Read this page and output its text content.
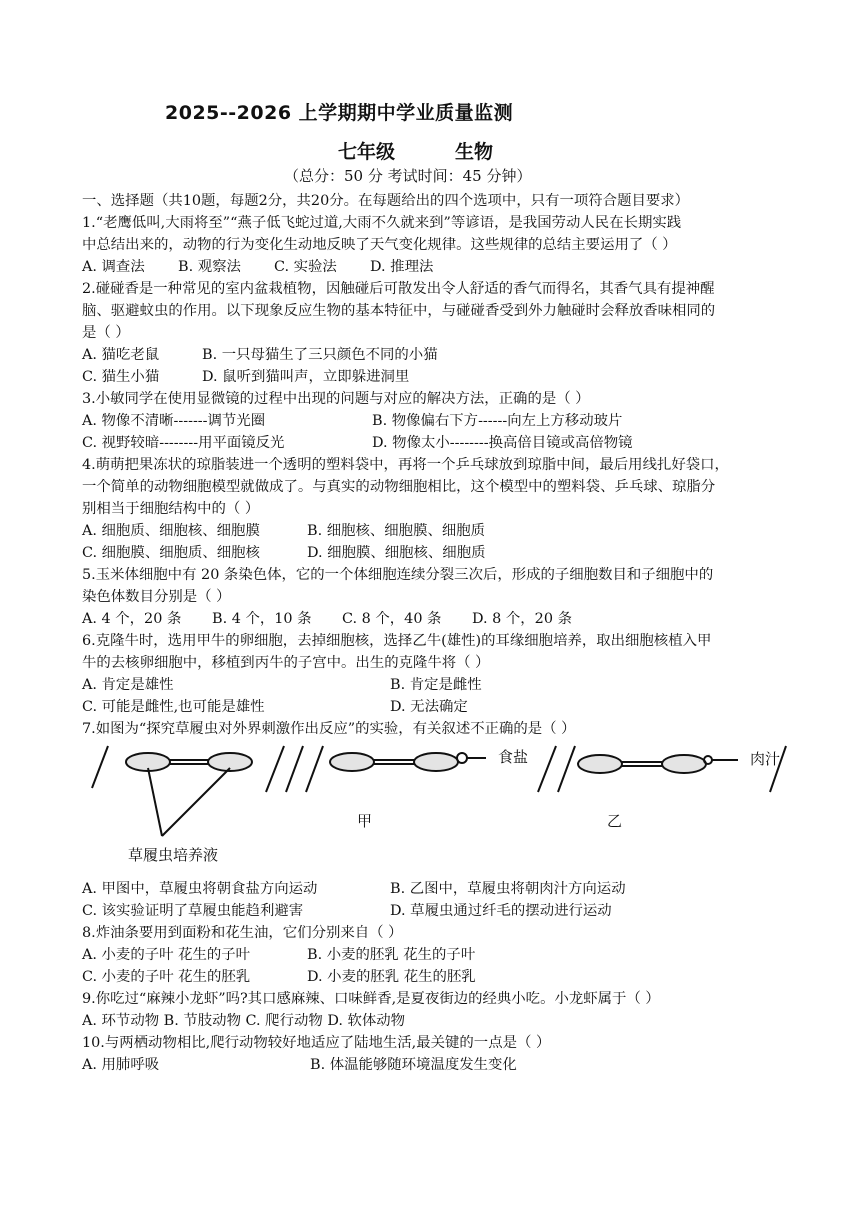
2025--2026 上学期期中学业质量监测
七年级	生物
（总分：50 分 考试时间：45 分钟）
一、选择题（共10题，每题2分，共20分。在每题给出的四个选项中，只有一项符合题目要求）
1.“老鹰低叫,大雨将至”“燕子低飞蛇过道,大雨不久就来到”等谚语，是我国劳动人民在长期实践
中总结出来的，动物的行为变化生动地反映了天气变化规律。这些规律的总结主要运用了（ ）
A. 调查法	B. 观察法	C. 实验法	D. 推理法
2.碰碰香是一种常见的室内盆栽植物，因触碰后可散发出令人舒适的香气而得名，其香气具有提神醒
脑、驱避蚊虫的作用。以下现象反应生物的基本特征中，与碰碰香受到外力触碰时会释放香味相同的
是（ ）
A. 猫吃老鼠	B. 一只母猫生了三只颜色不同的小猫
C. 猫生小猫	D. 鼠听到猫叫声，立即躲进洞里
3.小敏同学在使用显微镜的过程中出现的问题与对应的解决方法，正确的是（ ）
A. 物像不清晰-------调节光圈	B. 物像偏右下方------向左上方移动玻片
C. 视野较暗--------用平面镜反光	D. 物像太小--------换高倍目镜或高倍物镜
4.萌萌把果冻状的琼脂装进一个透明的塑料袋中，再将一个乒乓球放到琼脂中间，最后用线扎好袋口，
一个简单的动物细胞模型就做成了。与真实的动物细胞相比，这个模型中的塑料袋、乒乓球、琼脂分
别相当于细胞结构中的（ ）
A. 细胞质、细胞核、细胞膜	B. 细胞核、细胞膜、细胞质
C. 细胞膜、细胞质、细胞核	D. 细胞膜、细胞核、细胞质
5.玉米体细胞中有 20 条染色体，它的一个体细胞连续分裂三次后，形成的子细胞数目和子细胞中的
染色体数目分别是（ ）
A. 4 个，20 条	B. 4 个，10 条	C. 8 个，40 条	D. 8 个，20 条
6.克隆牛时，选用甲牛的卵细胞，去掉细胞核，选择乙牛(雄性)的耳缘细胞培养，取出细胞核植入甲
牛的去核卵细胞中，移植到丙牛的子宫中。出生的克隆牛将（ ）
A. 肯定是雄性	B. 肯定是雌性
C. 可能是雌性,也可能是雄性	D. 无法确定
7.如图为“探究草履虫对外界刺激作出反应”的实验，有关叙述不正确的是（ ）
食盐	肉汁
甲	乙
草履虫培养液
A. 甲图中，草履虫将朝食盐方向运动	B. 乙图中，草履虫将朝肉汁方向运动
C. 该实验证明了草履虫能趋利避害	D. 草履虫通过纤毛的摆动进行运动
8.炸油条要用到面粉和花生油，它们分别来自（ ）
A. 小麦的子叶 花生的子叶	B. 小麦的胚乳 花生的子叶
C. 小麦的子叶 花生的胚乳	D. 小麦的胚乳 花生的胚乳
9.你吃过“麻辣小龙虾”吗?其口感麻辣、口味鲜香,是夏夜街边的经典小吃。小龙虾属于（ ）
A. 环节动物 B. 节肢动物 C. 爬行动物 D. 软体动物
10.与两栖动物相比,爬行动物较好地适应了陆地生活,最关键的一点是（ ）
A. 用肺呼吸	B. 体温能够随环境温度发生变化
